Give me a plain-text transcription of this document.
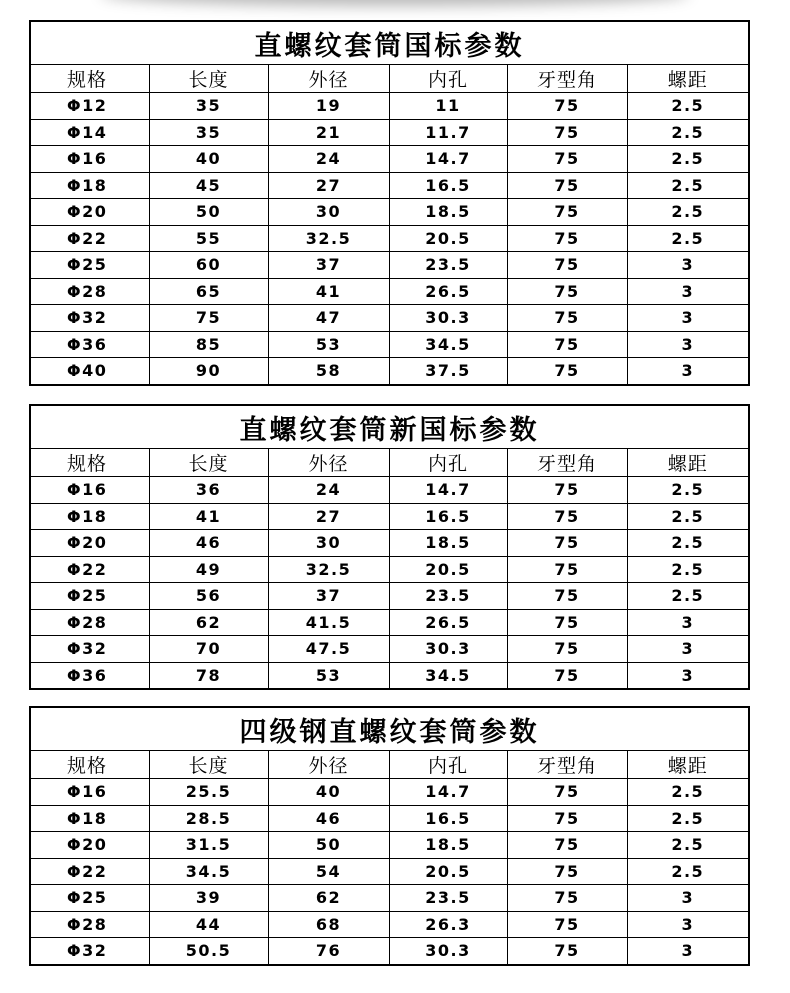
直螺纹套筒国标参数					
规格	长度	外径	内孔	牙型角	螺距
Φ12	35	19	11	75	2.5
Φ14	35	21	11.7	75	2.5
Φ16	40	24	14.7	75	2.5
Φ18	45	27	16.5	75	2.5
Φ20	50	30	18.5	75	2.5
Φ22	55	32.5	20.5	75	2.5
Φ25	60	37	23.5	75	3
Φ28	65	41	26.5	75	3
Φ32	75	47	30.3	75	3
Φ36	85	53	34.5	75	3
Φ40	90	58	37.5	75	3
直螺纹套筒新国标参数					
规格	长度	外径	内孔	牙型角	螺距
Φ16	36	24	14.7	75	2.5
Φ18	41	27	16.5	75	2.5
Φ20	46	30	18.5	75	2.5
Φ22	49	32.5	20.5	75	2.5
Φ25	56	37	23.5	75	2.5
Φ28	62	41.5	26.5	75	3
Φ32	70	47.5	30.3	75	3
Φ36	78	53	34.5	75	3
四级钢直螺纹套筒参数					
规格	长度	外径	内孔	牙型角	螺距
Φ16	25.5	40	14.7	75	2.5
Φ18	28.5	46	16.5	75	2.5
Φ20	31.5	50	18.5	75	2.5
Φ22	34.5	54	20.5	75	2.5
Φ25	39	62	23.5	75	3
Φ28	44	68	26.3	75	3
Φ32	50.5	76	30.3	75	3
